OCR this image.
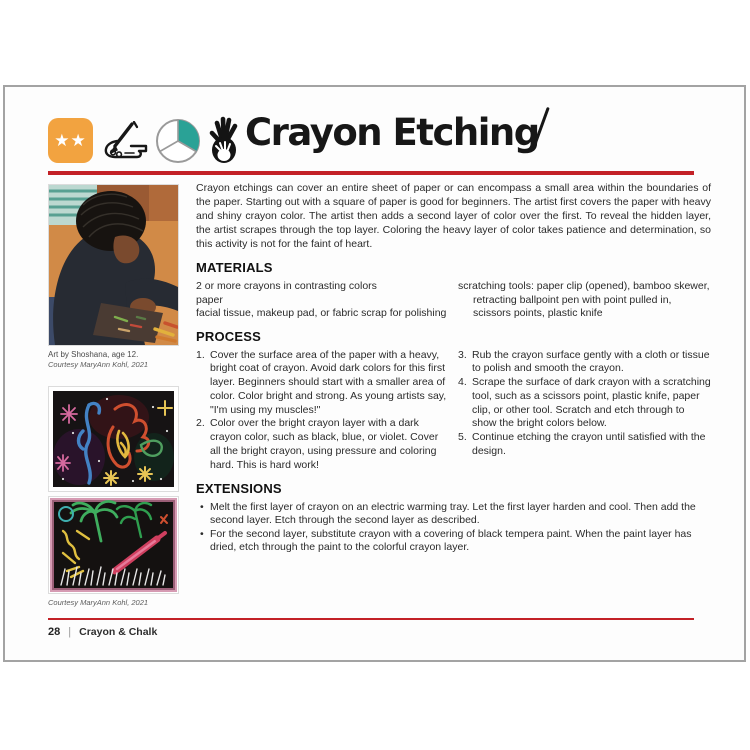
★★	Crayon Etching
Art by Shoshana, age 12.
Courtesy MaryAnn Kohl, 2021
Courtesy MaryAnn Kohl, 2021

Crayon etchings can cover an entire sheet of paper or can encompass a small area within the boundaries of the paper. Starting out with a square of paper is good for beginners. The artist first covers the paper with heavy and shiny crayon color. The artist then adds a second layer of color over the first. To reveal the hidden layer, the artist scrapes through the top layer. Coloring the heavy layer of color takes patience and determination, so this activity is not for the faint of heart.

MATERIALS
2 or more crayons in contrasting colors
paper
facial tissue, makeup pad, or fabric scrap for polishing
scratching tools: paper clip (opened), bamboo skewer, retracting ballpoint pen with point pulled in, scissors points, plastic knife
PROCESS
1. Cover the surface area of the paper with a heavy, bright coat of crayon. Avoid dark colors for this first layer. Beginners should start with a smaller area of color. Color bright and strong. As young artists say, "I'm using my muscles!"
2. Color over the bright crayon layer with a dark crayon color, such as black, blue, or violet. Cover all the bright crayon, using pressure and coloring hard. This is hard work!
3. Rub the crayon surface gently with a cloth or tissue to polish and smooth the crayon.
4. Scrape the surface of dark crayon with a scratching tool, such as a scissors point, plastic knife, paper clip, or other tool. Scratch and etch through to show the bright colors below.
5. Continue etching the crayon until satisfied with the design.
EXTENSIONS
• Melt the first layer of crayon on an electric warming tray. Let the first layer harden and cool. Then add the second layer. Etch through the second layer as described.
• For the second layer, substitute crayon with a covering of black tempera paint. When the paint layer has dried, etch through the paint to the colorful crayon layer.
28 | Crayon & Chalk
